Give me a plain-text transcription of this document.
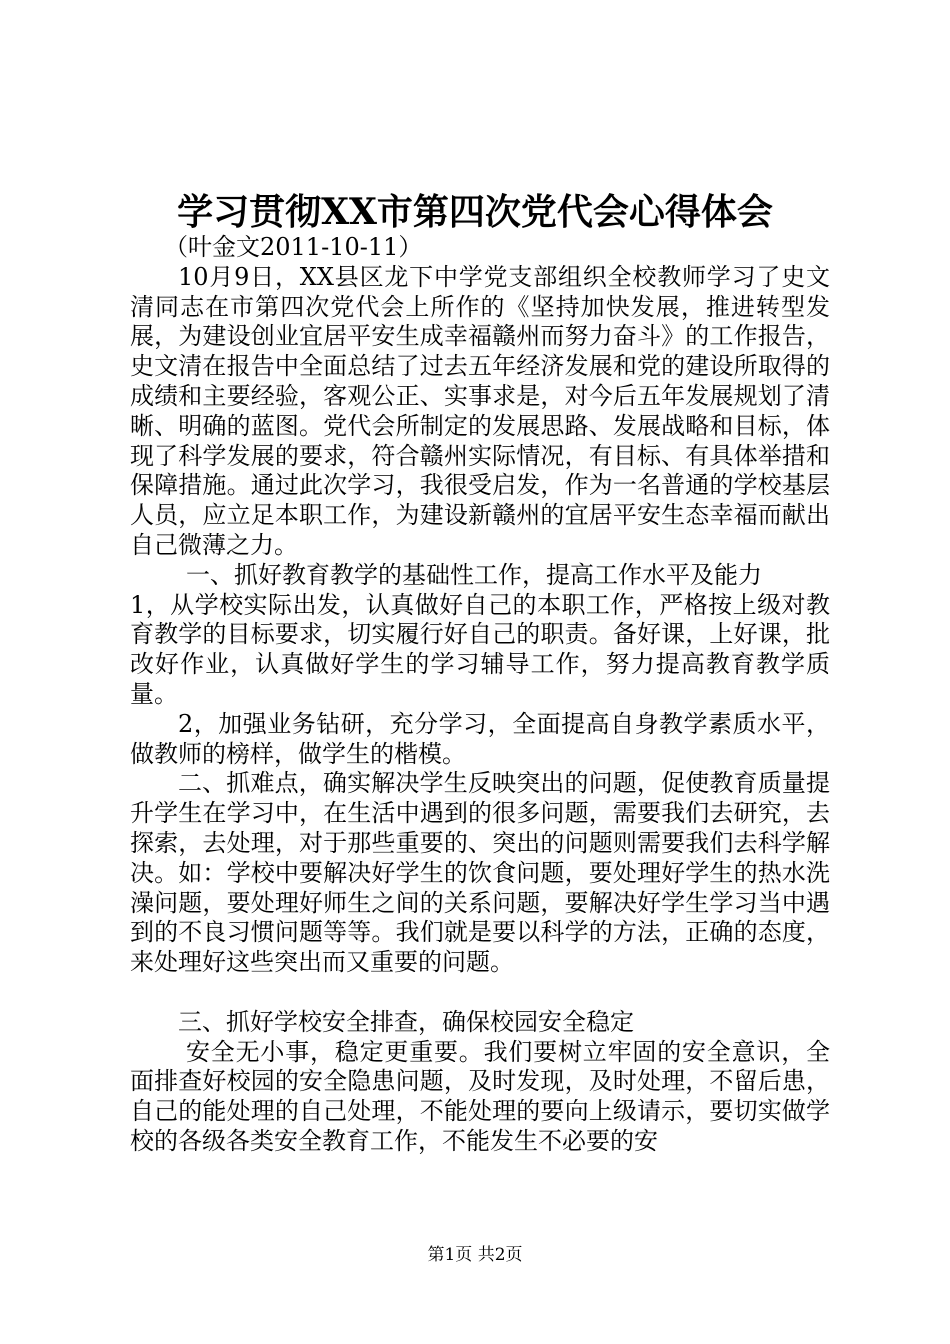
学习贯彻XX市第四次党代会心得体会

（叶金文2011-10-11）

10月9日，XX县区龙下中学党支部组织全校教师学习了史文清同志在市第四次党代会上所作的《坚持加快发展，推进转型发展，为建设创业宜居平安生成幸福赣州而努力奋斗》的工作报告，史文清在报告中全面总结了过去五年经济发展和党的建设所取得的成绩和主要经验，客观公正、实事求是，对今后五年发展规划了清晰、明确的蓝图。党代会所制定的发展思路、发展战略和目标，体现了科学发展的要求，符合赣州实际情况，有目标、有具体举措和保障措施。通过此次学习，我很受启发，作为一名普通的学校基层人员，应立足本职工作，为建设新赣州的宜居平安生态幸福而献出自己微薄之力。

一、抓好教育教学的基础性工作，提高工作水平及能力

1，从学校实际出发，认真做好自己的本职工作，严格按上级对教育教学的目标要求，切实履行好自己的职责。备好课，上好课，批改好作业，认真做好学生的学习辅导工作，努力提高教育教学质量。

2，加强业务钻研，充分学习，全面提高自身教学素质水平，做教师的榜样，做学生的楷模。

二、抓难点，确实解决学生反映突出的问题，促使教育质量提升学生在学习中，在生活中遇到的很多问题，需要我们去研究，去探索，去处理，对于那些重要的、突出的问题则需要我们去科学解决。如：学校中要解决好学生的饮食问题，要处理好学生的热水洗澡问题，要处理好师生之间的关系问题，要解决好学生学习当中遇到的不良习惯问题等等。我们就是要以科学的方法，正确的态度，来处理好这些突出而又重要的问题。

三、抓好学校安全排查，确保校园安全稳定

安全无小事，稳定更重要。我们要树立牢固的安全意识，全面排查好校园的安全隐患问题，及时发现，及时处理，不留后患，自己的能处理的自己处理，不能处理的要向上级请示，要切实做学校的各级各类安全教育工作，不能发生不必要的安

第1页 共2页
